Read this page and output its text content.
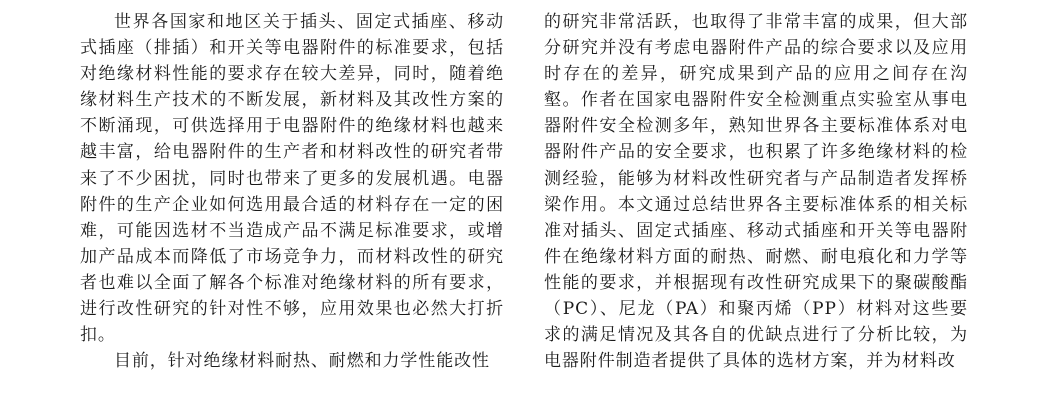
世界各国家和地区关于插头、固定式插座、移动式插座（排插）和开关等电器附件的标准要求，包括对绝缘材料性能的要求存在较大差异，同时，随着绝缘材料生产技术的不断发展，新材料及其改性方案的不断涌现，可供选择用于电器附件的绝缘材料也越来越丰富，给电器附件的生产者和材料改性的研究者带来了不少困扰，同时也带来了更多的发展机遇。电器附件的生产企业如何选用最合适的材料存在一定的困难，可能因选材不当造成产品不满足标准要求，或增加产品成本而降低了市场竞争力，而材料改性的研究者也难以全面了解各个标准对绝缘材料的所有要求，进行改性研究的针对性不够，应用效果也必然大打折扣。

目前，针对绝缘材料耐热、耐燃和力学性能改性

的研究非常活跃，也取得了非常丰富的成果，但大部分研究并没有考虑电器附件产品的综合要求以及应用时存在的差异，研究成果到产品的应用之间存在沟壑。作者在国家电器附件安全检测重点实验室从事电器附件安全检测多年，熟知世界各主要标准体系对电器附件产品的安全要求，也积累了许多绝缘材料的检测经验，能够为材料改性研究者与产品制造者发挥桥梁作用。本文通过总结世界各主要标准体系的相关标准对插头、固定式插座、移动式插座和开关等电器附件在绝缘材料方面的耐热、耐燃、耐电痕化和力学等性能的要求，并根据现有改性研究成果下的聚碳酸酯（PC）、尼龙（PA）和聚丙烯（PP）材料对这些要求的满足情况及其各自的优缺点进行了分析比较，为电器附件制造者提供了具体的选材方案，并为材料改
